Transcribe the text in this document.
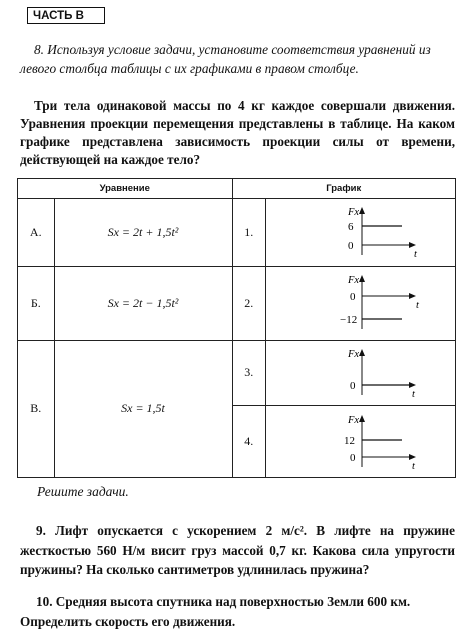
ЧАСТЬ B
8. Используя условие задачи, установите соответствия уравнений из левого столбца таблицы с их графиками в правом столбце.
Три тела одинаковой массы по 4 кг каждое совершали движения. Уравнения проекции перемещения представлены в таблице. На каком графике представлена зависимость проекции силы от времени, действующей на каждое тело?
Уравнение		График	
А.	Sx = 2t + 1,5t²	1.	Fx
t
6
0

Б.	Sx = 2t − 1,5t²	2.	Fx
t
0
−12

В.	Sx = 1,5t	3.	Fx
t
0

		4.	Fx
t
12
0
Решите задачи.
9. Лифт опускается с ускорением 2 м/с². В лифте на пружине жесткостью 560 Н/м висит груз массой 0,7 кг. Какова сила упругости пружины? На сколько сантиметров удлинилась пружина?
10. Средняя высота спутника над поверхностью Земли 600 км. Определить скорость его движения.
